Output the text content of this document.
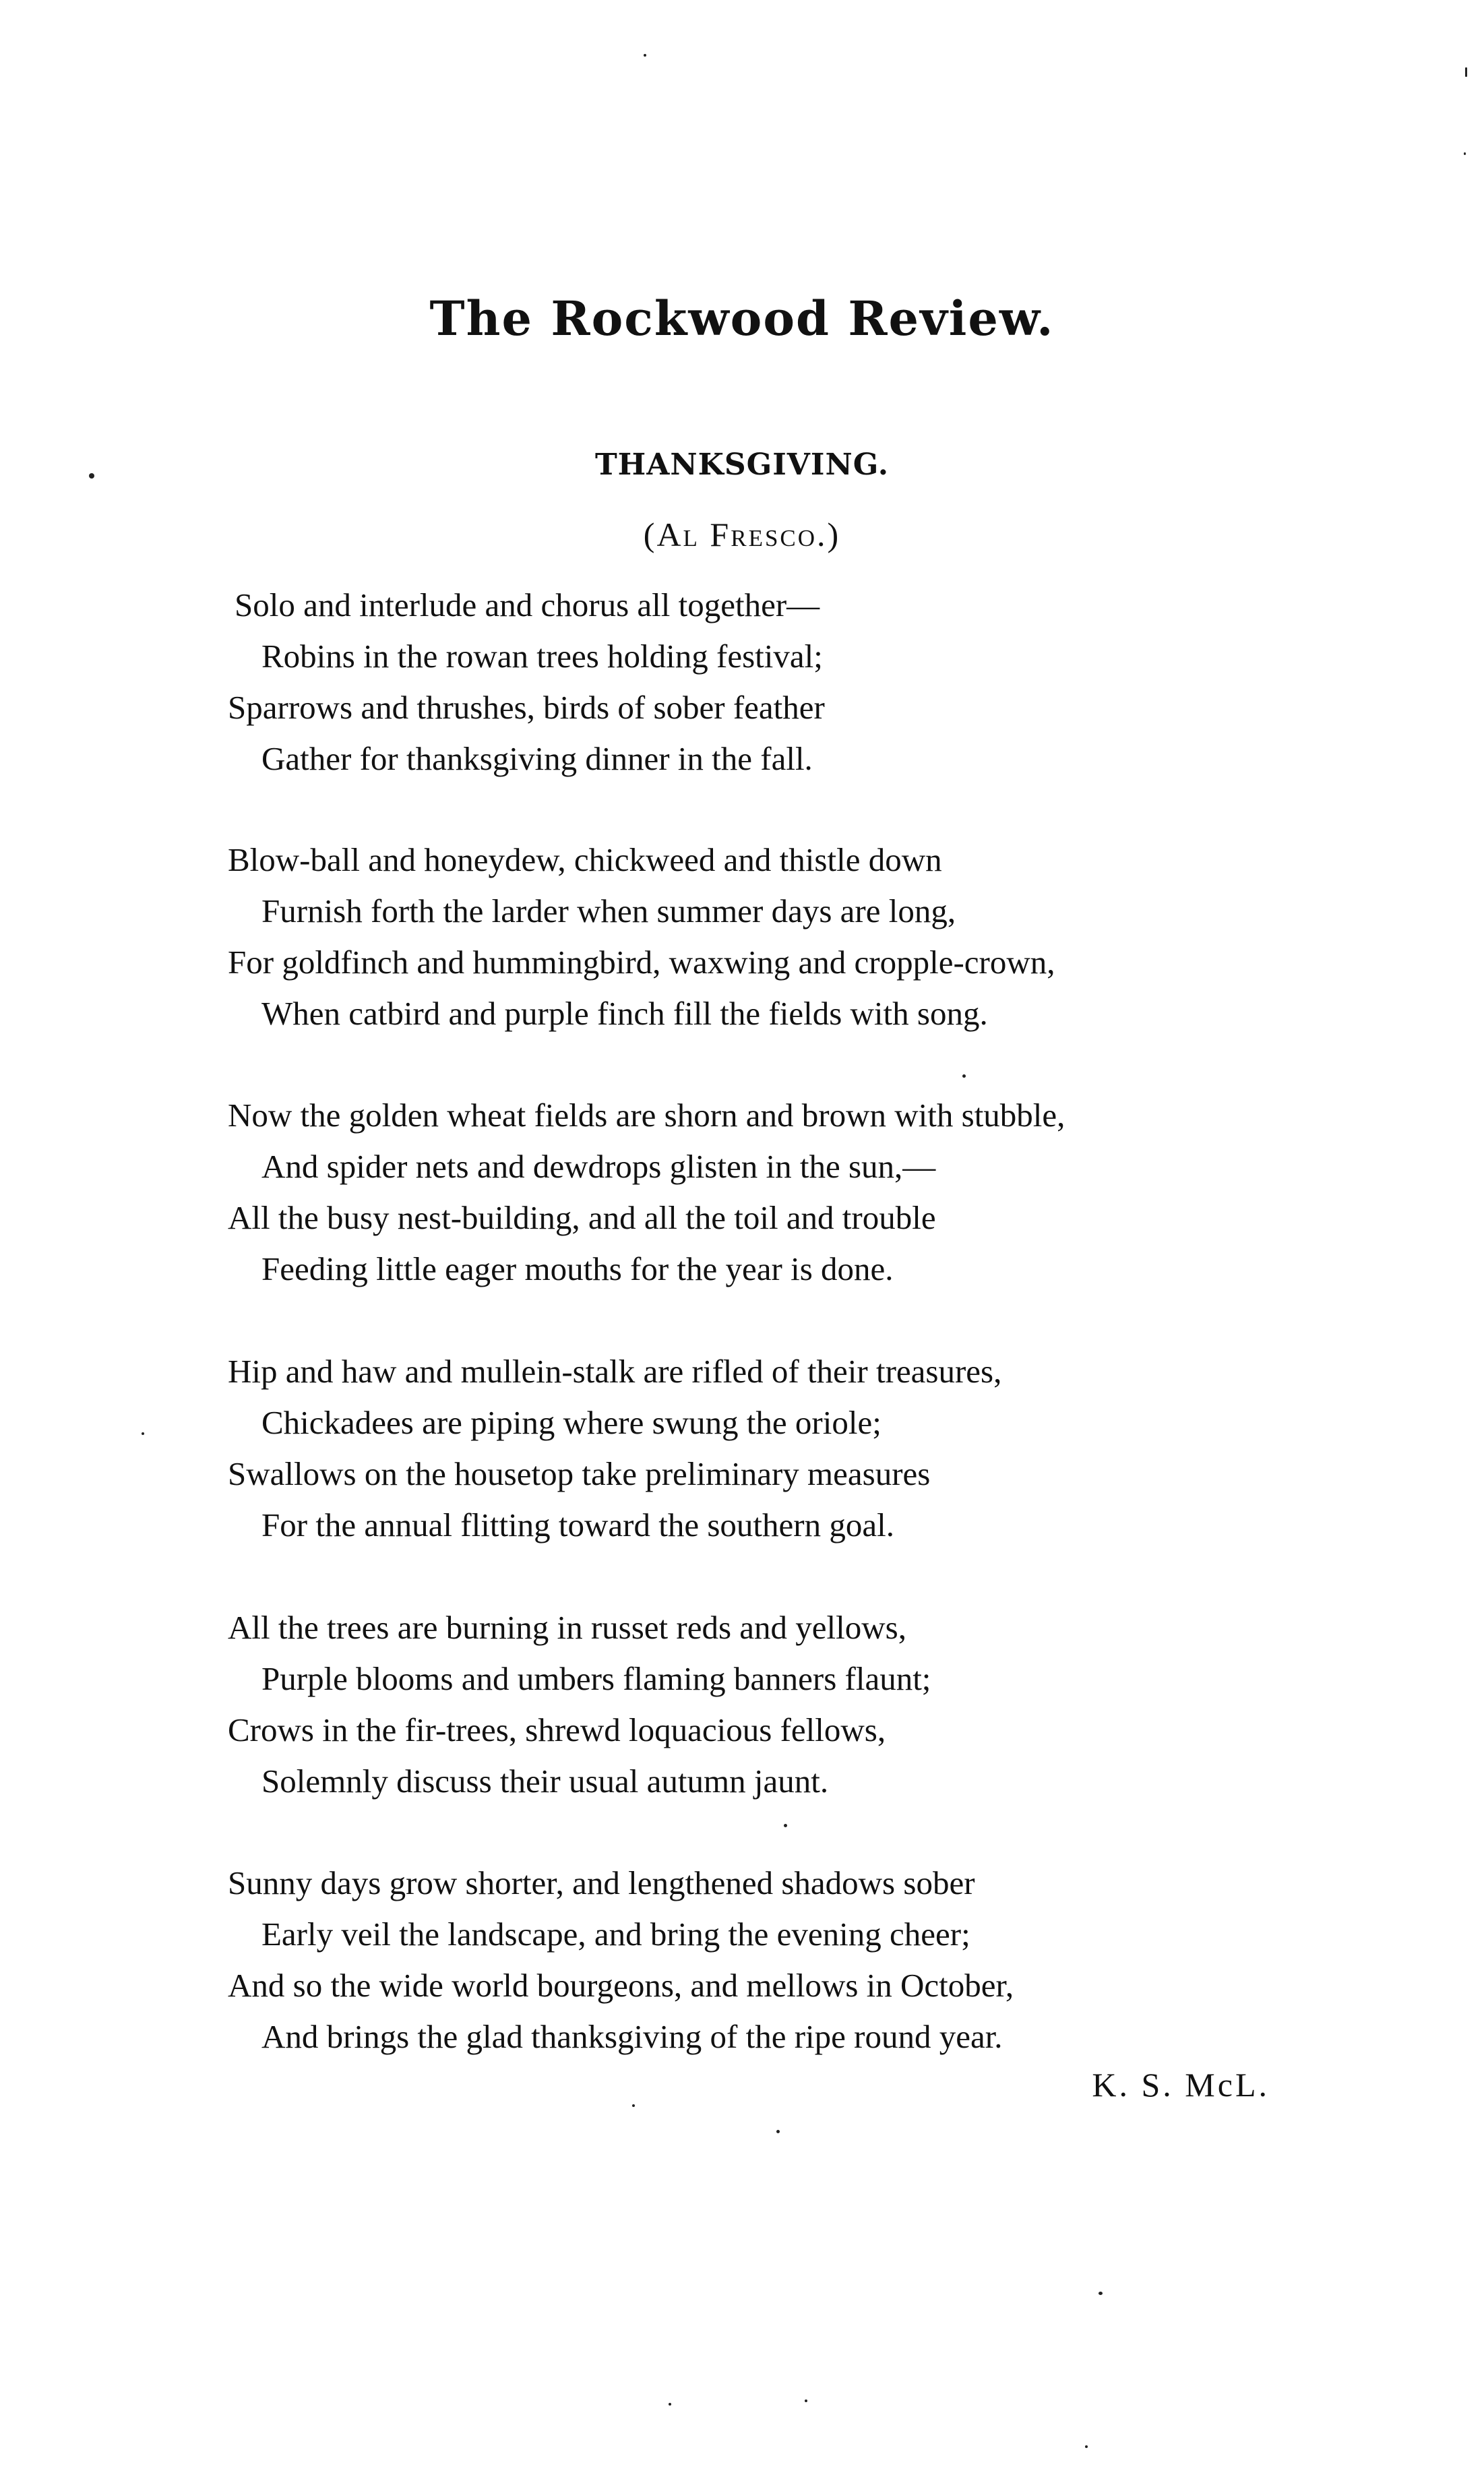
The Rockwood Review.
THANKSGIVING.
(Al Fresco.)
Solo and interlude and chorus all together—
Robins in the rowan trees holding festival;
Sparrows and thrushes, birds of sober feather
Gather for thanksgiving dinner in the fall.
Blow-ball and honeydew, chickweed and thistle down
Furnish forth the larder when summer days are long,
For goldfinch and hummingbird, waxwing and cropple-crown,
When catbird and purple finch fill the fields with song.
Now the golden wheat fields are shorn and brown with stubble,
And spider nets and dewdrops glisten in the sun,—
All the busy nest-building, and all the toil and trouble
Feeding little eager mouths for the year is done.
Hip and haw and mullein-stalk are rifled of their treasures,
Chickadees are piping where swung the oriole;
Swallows on the housetop take preliminary measures
For the annual flitting toward the southern goal.
All the trees are burning in russet reds and yellows,
Purple blooms and umbers flaming banners flaunt;
Crows in the fir-trees, shrewd loquacious fellows,
Solemnly discuss their usual autumn jaunt.
Sunny days grow shorter, and lengthened shadows sober
Early veil the landscape, and bring the evening cheer;
And so the wide world bourgeons, and mellows in October,
And brings the glad thanksgiving of the ripe round year.
K. S. McL.
